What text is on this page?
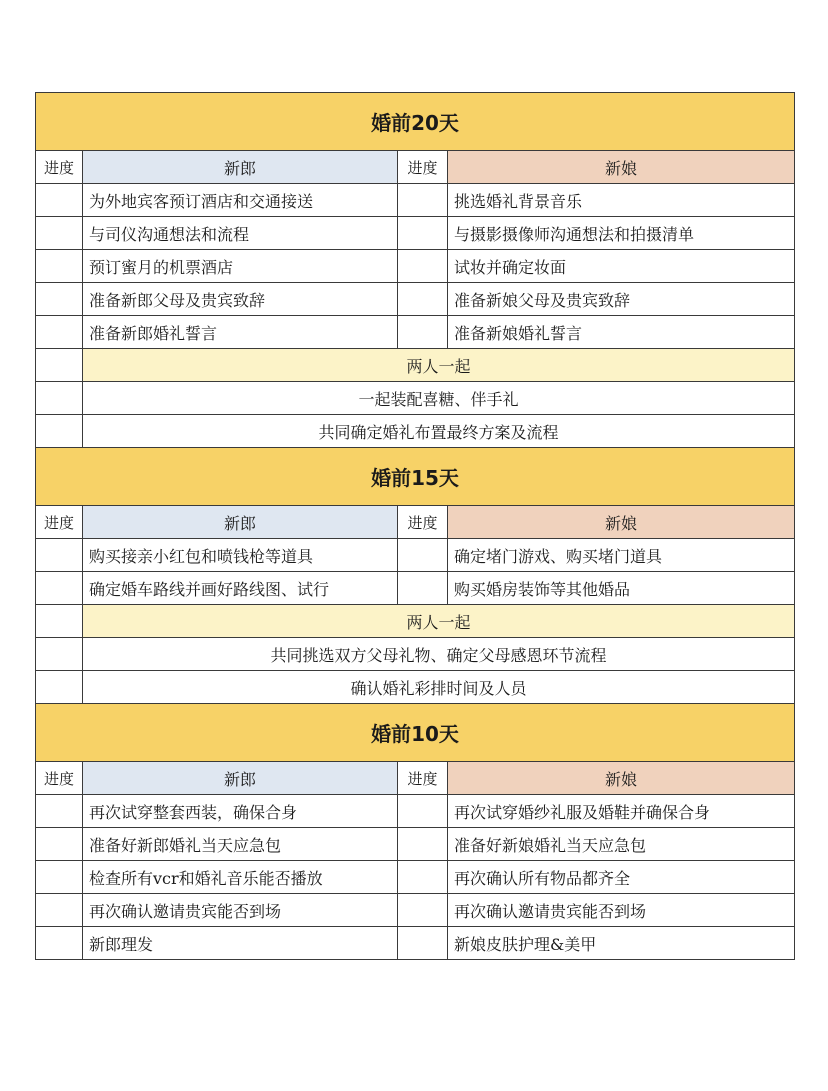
婚前20天			
进度	新郎	进度	新娘
	为外地宾客预订酒店和交通接送		挑选婚礼背景音乐
	与司仪沟通想法和流程		与摄影摄像师沟通想法和拍摄清单
	预订蜜月的机票酒店		试妆并确定妆面
	准备新郎父母及贵宾致辞		准备新娘父母及贵宾致辞
	准备新郎婚礼誓言		准备新娘婚礼誓言
	两人一起		
	一起装配喜糖、伴手礼		
	共同确定婚礼布置最终方案及流程		
婚前15天			
进度	新郎	进度	新娘
	购买接亲小红包和喷钱枪等道具		确定堵门游戏、购买堵门道具
	确定婚车路线并画好路线图、试行		购买婚房装饰等其他婚品
	两人一起		
	共同挑选双方父母礼物、确定父母感恩环节流程		
	确认婚礼彩排时间及人员		
婚前10天			
进度	新郎	进度	新娘
	再次试穿整套西装，确保合身		再次试穿婚纱礼服及婚鞋并确保合身
	准备好新郎婚礼当天应急包		准备好新娘婚礼当天应急包
	检查所有vcr和婚礼音乐能否播放		再次确认所有物品都齐全
	再次确认邀请贵宾能否到场		再次确认邀请贵宾能否到场
	新郎理发		新娘皮肤护理&美甲
